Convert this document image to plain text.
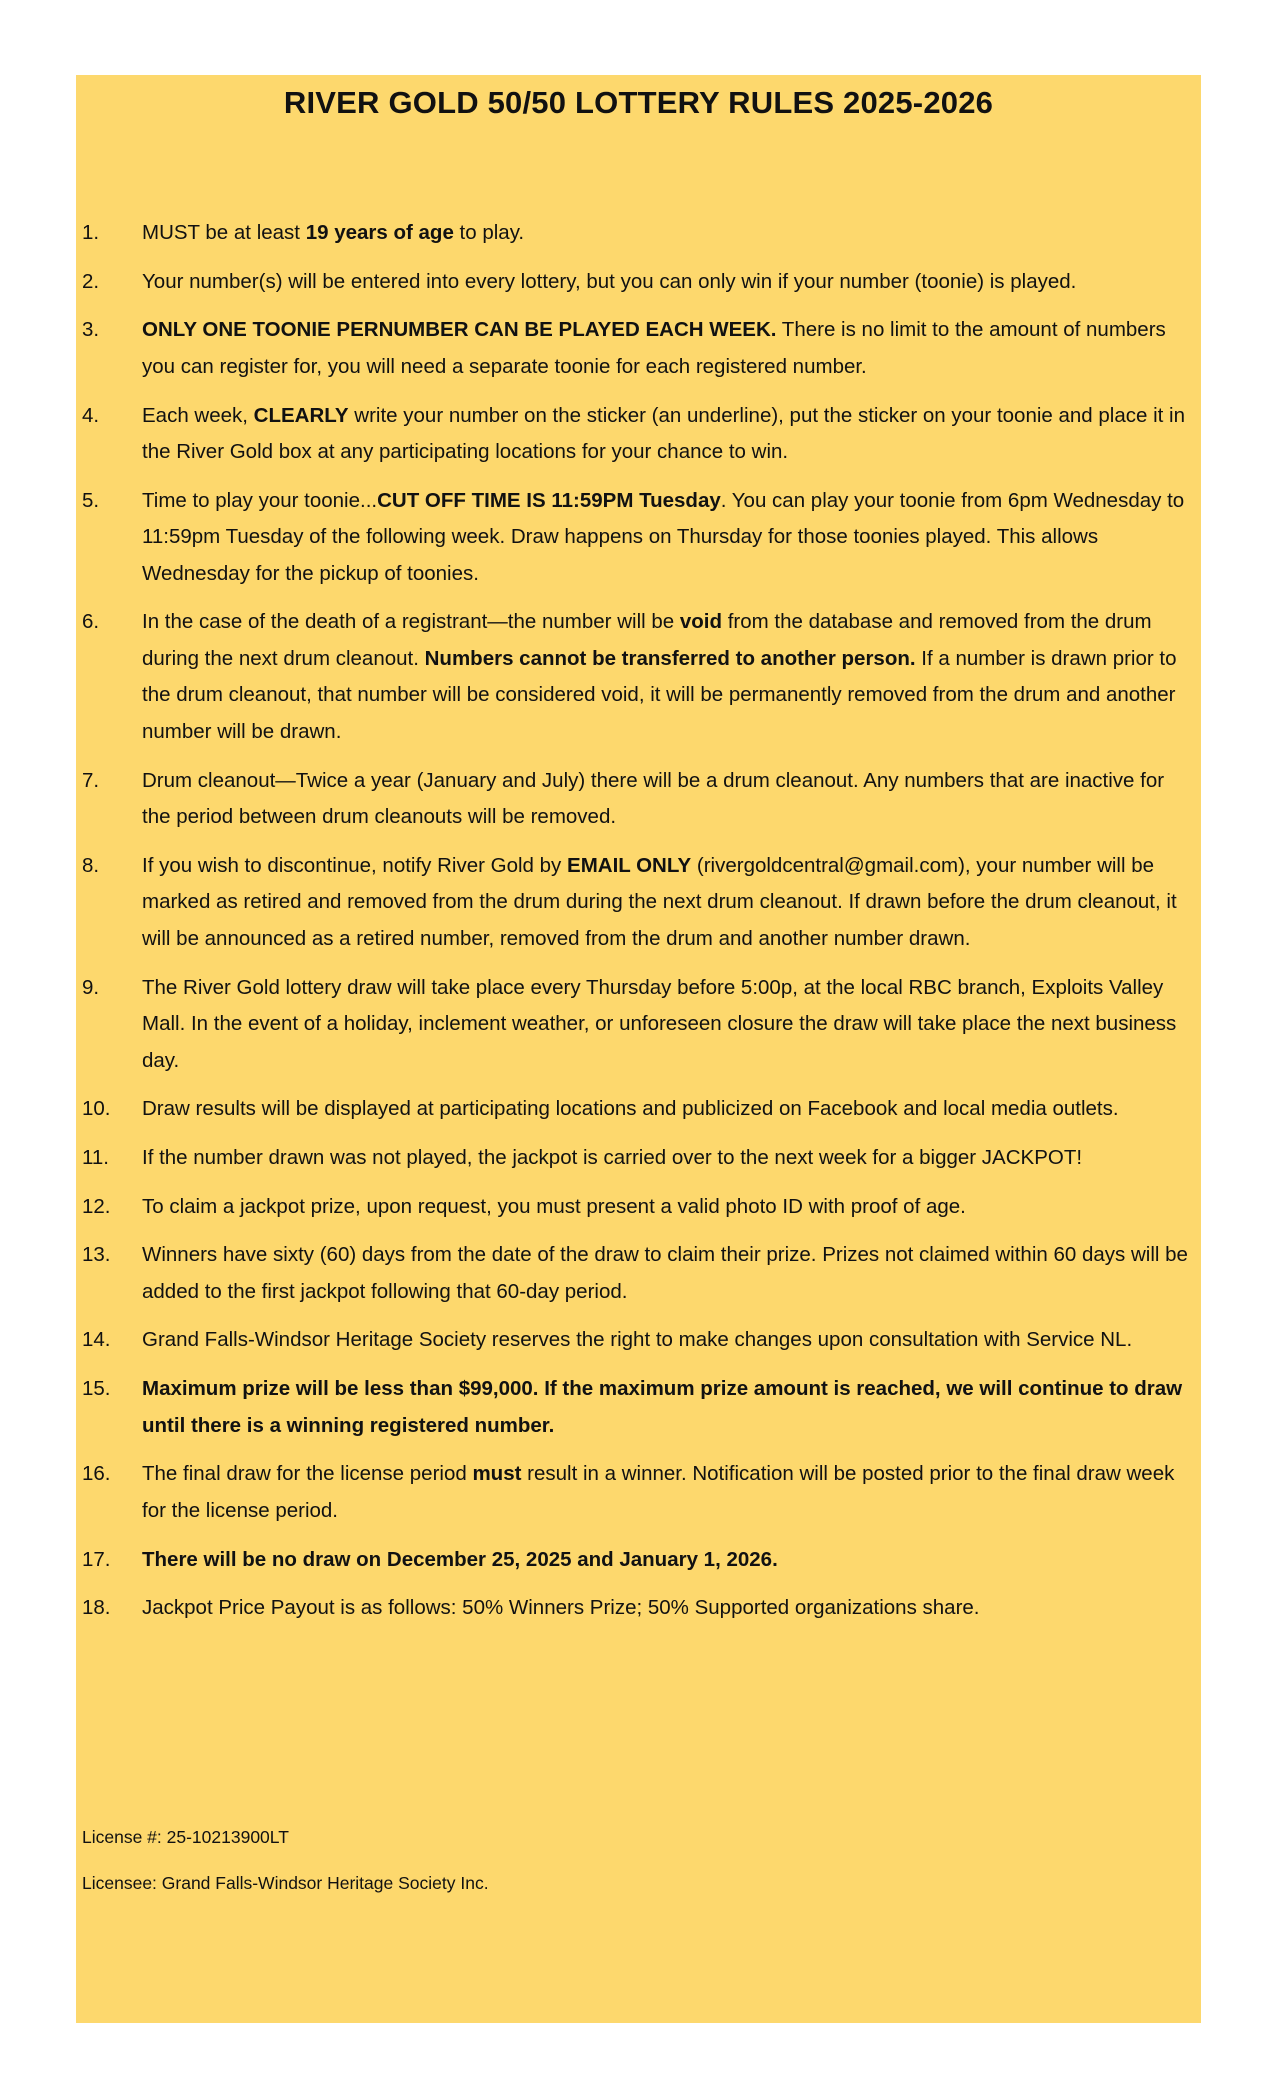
RIVER GOLD 50/50 LOTTERY RULES 2025-2026
1.	MUST be at least 19 years of age to play.
2.	Your number(s) will be entered into every lottery, but you can only win if your number (toonie) is played.
3.	ONLY ONE TOONIE PERNUMBER CAN BE PLAYED EACH WEEK. There is no limit to the amount of numbers you can register for, you will need a separate toonie for each registered number.
4.	Each week, CLEARLY write your number on the sticker (an underline), put the sticker on your toonie and place it in the River Gold box at any participating locations for your chance to win.
5.	Time to play your toonie...CUT OFF TIME IS 11:59PM Tuesday. You can play your toonie from 6pm Wednesday to 11:59pm Tuesday of the following week. Draw happens on Thursday for those toonies played. This allows Wednesday for the pickup of toonies.
6.	In the case of the death of a registrant—the number will be void from the database and removed from the drum during the next drum cleanout. Numbers cannot be transferred to another person. If a number is drawn prior to the drum cleanout, that number will be considered void, it will be permanently removed from the drum and another number will be drawn.
7.	Drum cleanout—Twice a year (January and July) there will be a drum cleanout. Any numbers that are inactive for the period between drum cleanouts will be removed.
8.	If you wish to discontinue, notify River Gold by EMAIL ONLY (rivergoldcentral@gmail.com), your number will be marked as retired and removed from the drum during the next drum cleanout. If drawn before the drum cleanout, it will be announced as a retired number, removed from the drum and another number drawn.
9.	The River Gold lottery draw will take place every Thursday before 5:00p, at the local RBC branch, Exploits Valley Mall. In the event of a holiday, inclement weather, or unforeseen closure the draw will take place the next business day.
10.	Draw results will be displayed at participating locations and publicized on Facebook and local media outlets.
11.	If the number drawn was not played, the jackpot is carried over to the next week for a bigger JACKPOT!
12.	To claim a jackpot prize, upon request, you must present a valid photo ID with proof of age.
13.	Winners have sixty (60) days from the date of the draw to claim their prize. Prizes not claimed within 60 days will be added to the first jackpot following that 60-day period.
14.	Grand Falls-Windsor Heritage Society reserves the right to make changes upon consultation with Service NL.
15.	Maximum prize will be less than $99,000. If the maximum prize amount is reached, we will continue to draw until there is a winning registered number.
16.	The final draw for the license period must result in a winner. Notification will be posted prior to the final draw week for the license period.
17.	There will be no draw on December 25, 2025 and January 1, 2026.
18.	Jackpot Price Payout is as follows: 50% Winners Prize; 50% Supported organizations share.

License #: 25-10213900LT

Licensee: Grand Falls-Windsor Heritage Society Inc.
